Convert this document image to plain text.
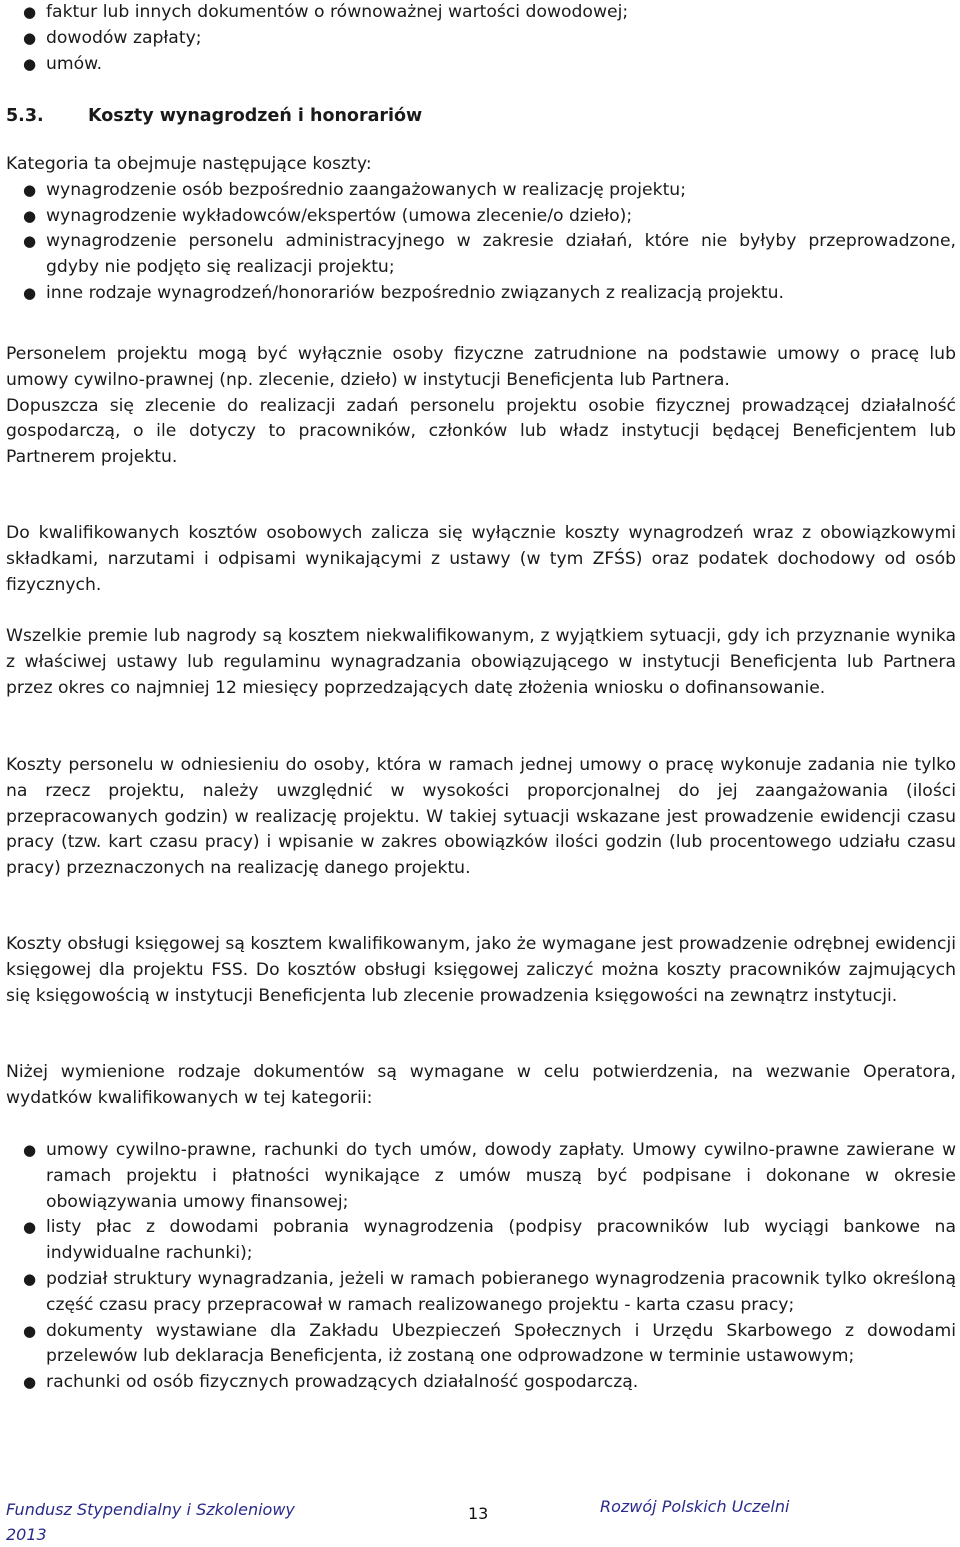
● faktur lub innych dokumentów o równoważnej wartości dowodowej;
● dowodów zapłaty;
● umów.
5.3.	Koszty wynagrodzeń i honorariów

Kategoria ta obejmuje następujące koszty:

● wynagrodzenie osób bezpośrednio zaangażowanych w realizację projektu;
● wynagrodzenie wykładowców/ekspertów (umowa zlecenie/o dzieło);
● wynagrodzenie personelu administracyjnego w zakresie działań, które nie byłyby przeprowadzone, gdyby nie podjęto się realizacji projektu;
● inne rodzaje wynagrodzeń/honorariów bezpośrednio związanych z realizacją projektu.

Personelem projektu mogą być wyłącznie osoby fizyczne zatrudnione na podstawie umowy o pracę lub umowy cywilno-prawnej (np. zlecenie, dzieło) w instytucji Beneficjenta lub Partnera.

Dopuszcza się zlecenie do realizacji zadań personelu projektu osobie fizycznej prowadzącej działalność gospodarczą, o ile dotyczy to pracowników, członków lub władz instytucji będącej Beneficjentem lub Partnerem projektu.

Do kwalifikowanych kosztów osobowych zalicza się wyłącznie koszty wynagrodzeń wraz z obowiązkowymi składkami, narzutami i odpisami wynikającymi z ustawy (w tym ZFŚS) oraz podatek dochodowy od osób fizycznych.

Wszelkie premie lub nagrody są kosztem niekwalifikowanym, z wyjątkiem sytuacji, gdy ich przyznanie wynika z właściwej ustawy lub regulaminu wynagradzania obowiązującego w instytucji Beneficjenta lub Partnera przez okres co najmniej 12 miesięcy poprzedzających datę złożenia wniosku o dofinansowanie.

Koszty personelu w odniesieniu do osoby, która w ramach jednej umowy o pracę wykonuje zadania nie tylko na rzecz projektu, należy uwzględnić w wysokości proporcjonalnej do jej zaangażowania (ilości przepracowanych godzin) w realizację projektu. W takiej sytuacji wskazane jest prowadzenie ewidencji czasu pracy (tzw. kart czasu pracy) i wpisanie w zakres obowiązków ilości godzin (lub procentowego udziału czasu pracy) przeznaczonych na realizację danego projektu.

Koszty obsługi księgowej są kosztem kwalifikowanym, jako że wymagane jest prowadzenie odrębnej ewidencji księgowej dla projektu FSS. Do kosztów obsługi księgowej zaliczyć można koszty pracowników zajmujących się księgowością w instytucji Beneficjenta lub zlecenie prowadzenia księgowości na zewnątrz instytucji.

Niżej wymienione rodzaje dokumentów są wymagane w celu potwierdzenia, na wezwanie Operatora, wydatków kwalifikowanych w tej kategorii:

● umowy cywilno-prawne, rachunki do tych umów, dowody zapłaty. Umowy cywilno-prawne zawierane w ramach projektu i płatności wynikające z umów muszą być podpisane i dokonane w okresie obowiązywania umowy finansowej;
● listy płac z dowodami pobrania wynagrodzenia (podpisy pracowników lub wyciągi bankowe na indywidualne rachunki);
● podział struktury wynagradzania, jeżeli w ramach pobieranego wynagrodzenia pracownik tylko określoną część czasu pracy przepracował w ramach realizowanego projektu - karta czasu pracy;
● dokumenty wystawiane dla Zakładu Ubezpieczeń Społecznych i Urzędu Skarbowego z dowodami przelewów lub deklaracja Beneficjenta, iż zostaną one odprowadzone w terminie ustawowym;
● rachunki od osób fizycznych prowadzących działalność gospodarczą.
Fundusz Stypendialny i Szkoleniowy 2013
13	Rozwój Polskich Uczelni
